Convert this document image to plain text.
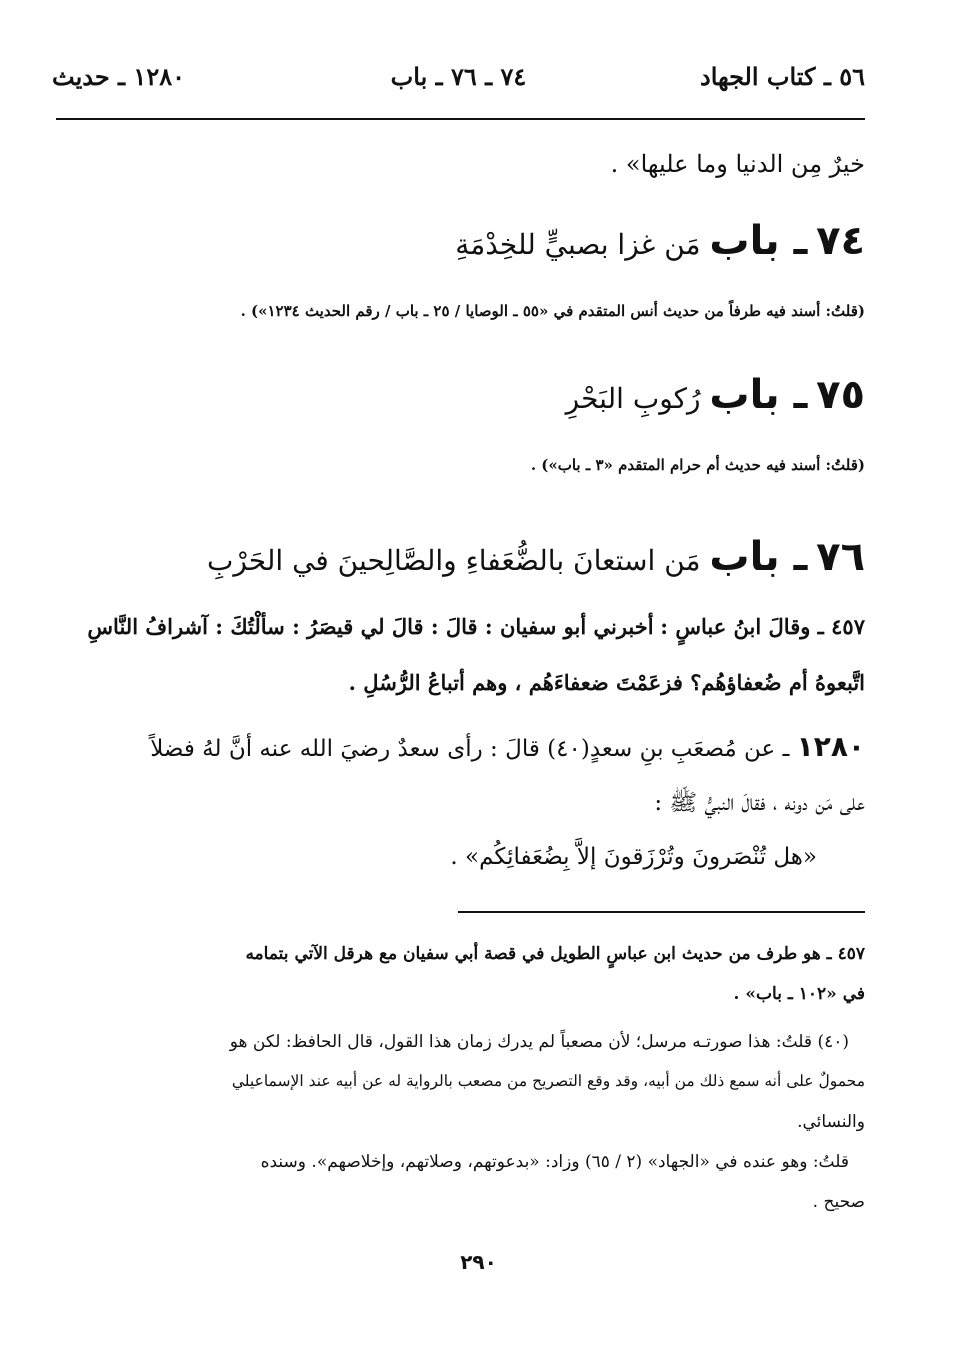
٥٦ ـ كتاب الجهاد
٧٤ ـ ٧٦ ـ باب
١٢٨٠ ـ حديث
خيرٌ مِن الدنيا وما عليها» .
٧٤ ـ باب مَن غزا بصبيٍّ للخِدْمَةِ
(قلتُ: أسند فيه طرفاً من حديث أنس المتقدم في «٥٥ ـ الوصايا / ٢٥ ـ باب / رقم الحديث ١٢٣٤») .
٧٥ ـ باب رُكوبِ البَحْرِ
(قلتُ: أسند فيه حديث أم حرام المتقدم «٣ ـ باب») .
٧٦ ـ باب مَن استعانَ بالضُّعَفاءِ والصَّالِحينَ في الحَرْبِ
٤٥٧ ـ وقالَ ابنُ عباسٍ : أخبرني أبو سفيان : قالَ : قالَ لي قيصَرُ : سألْتُكَ : آشرافُ النَّاسِ
اتَّبعوهُ أم ضُعفاؤهُم؟ فزعَمْتَ ضعفاءَهُم ، وهم أتباعُ الرُّسُلِ .
١٢٨٠ ـ عن مُصعَبِ بنِ سعدٍ(٤٠) قالَ : رأى سعدٌ رضيَ الله عنه أنَّ لهُ فضلاً
على مَن دونه ، فقالَ النبيُّ ﷺ :
«هل تُنْصَرونَ وتُرْزَقونَ إلاَّ بِضُعَفائِكُم» .
٤٥٧ ـ هو طرف من حديث ابن عباسٍ الطويل في قصة أبي سفيان مع هرقل الآتي بتمامه
في «١٠٢ ـ باب» .
(٤٠) قلتُ: هذا صورتـه مرسل؛ لأن مصعباً لم يدرك زمان هذا القول، قال الحافظ: لكن هو
محمولٌ على أنه سمع ذلك من أبيه، وقد وقع التصريح من مصعب بالرواية له عن أبيه عند الإسماعيلي
والنسائي.
قلتُ: وهو عنده في «الجهاد» (٢ / ٦٥) وزاد: «بدعوتهم، وصلاتهم، وإخلاصهم». وسنده
صحيح .
٢٩٠
